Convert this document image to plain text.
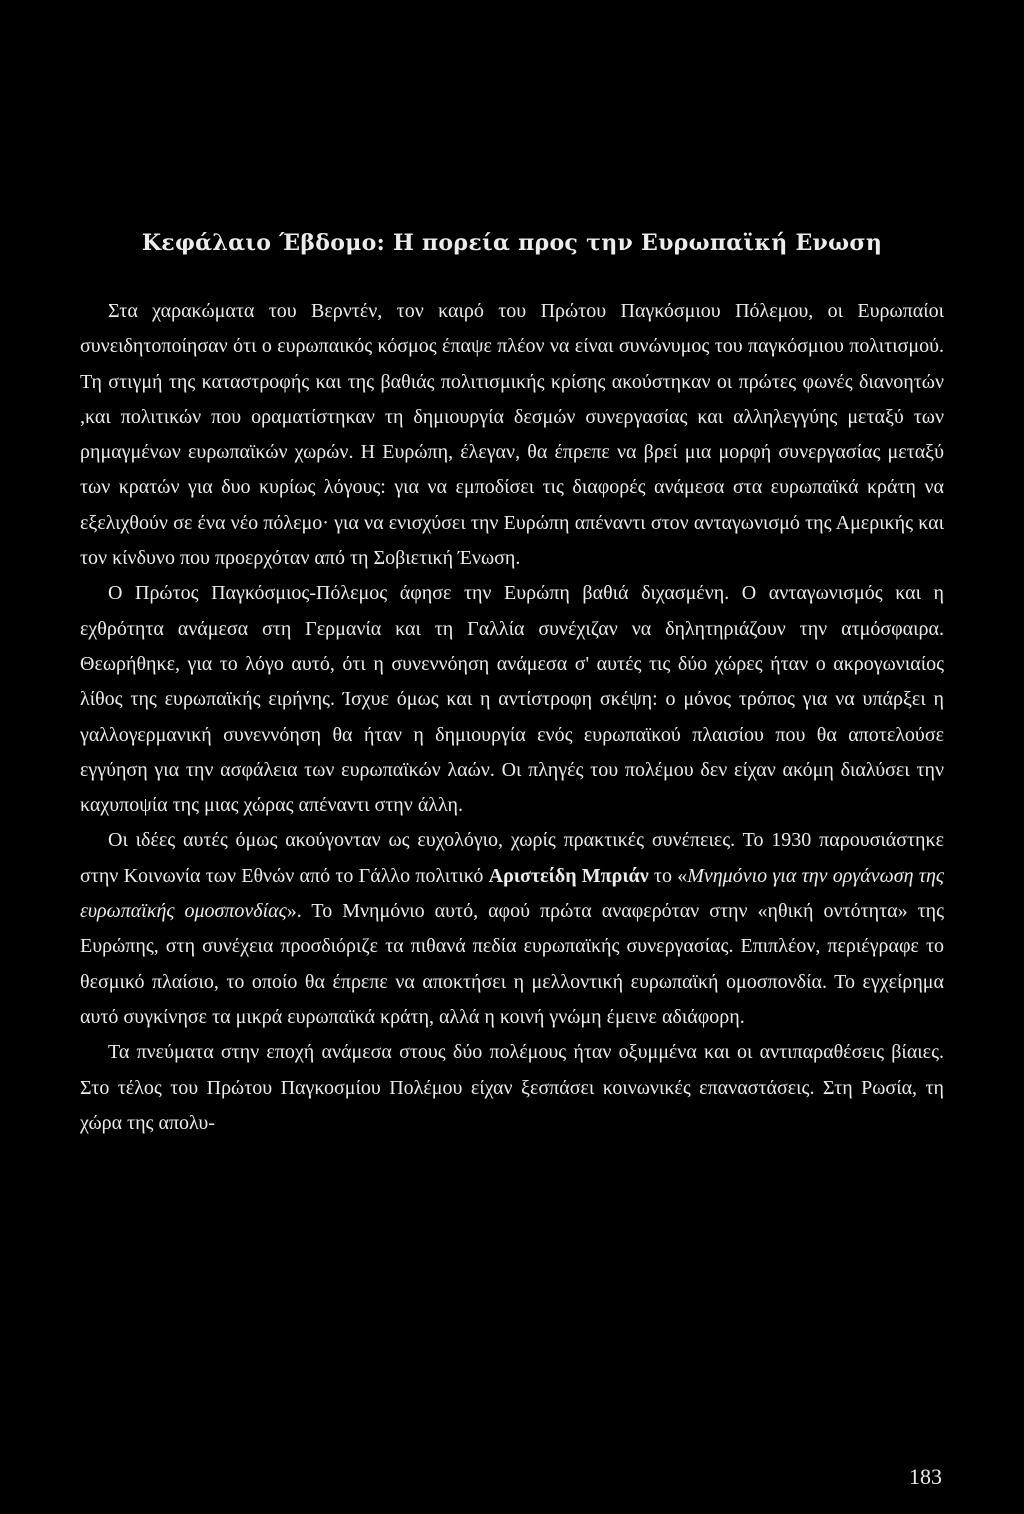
Κεφάλαιο Έβδομο: Η πορεία προς την Ευρωπαϊκή Ενωση

Στα χαρακώματα του Βερντέν, τον καιρό του Πρώτου Παγκόσμιου Πόλεμου, οι Ευρωπαίοι συνειδητοποίησαν ότι ο ευρωπαικός κόσμος έπαψε πλέον να είναι συνώνυμος του παγκόσμιου πολιτισμού. Τη στιγμή της καταστροφής και της βαθιάς πολιτισμικής κρίσης ακούστηκαν οι πρώτες φωνές διανοητών ,και πολιτικών που οραματίστηκαν τη δημιουργία δεσμών συνεργασίας και αλληλεγγύης μεταξύ των ρημαγμένων ευρωπαϊκών χωρών. Η Ευρώπη, έλεγαν, θα έπρεπε να βρεί μια μορφή συνεργασίας μεταξύ των κρατών για δυο κυρίως λόγους: για να εμποδίσει τις διαφορές ανάμεσα στα ευρωπαϊκά κράτη να εξελιχθούν σε ένα νέο πόλεμο· για να ενισχύσει την Ευρώπη απέναντι στον ανταγωνισμό της Αμερικής και τον κίνδυνο που προερχόταν από τη Σοβιετική Ένωση.

Ο Πρώτος Παγκόσμιος-Πόλεμος άφησε την Ευρώπη βαθιά διχασμένη. Ο ανταγωνισμός και η εχθρότητα ανάμεσα στη Γερμανία και τη Γαλλία συνέχιζαν να δηλητηριάζουν την ατμόσφαιρα. Θεωρήθηκε, για το λόγο αυτό, ότι η συνεννόηση ανάμεσα σ' αυτές τις δύο χώρες ήταν ο ακρογωνιαίος λίθος της ευρωπαϊκής ειρήνης. Ίσχυε όμως και η αντίστροφη σκέψη: ο μόνος τρόπος για να υπάρξει η γαλλογερμανική συνεννόηση θα ήταν η δημιουργία ενός ευρωπαϊκού πλαισίου που θα αποτελούσε εγγύηση για την ασφάλεια των ευρωπαϊκών λαών. Οι πληγές του πολέμου δεν είχαν ακόμη διαλύσει την καχυποψία της μιας χώρας απέναντι στην άλλη.

Οι ιδέες αυτές όμως ακούγονταν ως ευχολόγιο, χωρίς πρακτικές συνέπειες. Το 1930 παρουσιάστηκε στην Κοινωνία των Εθνών από το Γάλλο πολιτικό Αριστείδη Μπριάν το «Μνημόνιο για την οργάνωση της ευρωπαϊκής ομοσπονδίας». Το Μνημόνιο αυτό, αφού πρώτα αναφερόταν στην «ηθική οντότητα» της Ευρώπης, στη συνέχεια προσδιόριζε τα πιθανά πεδία ευρωπαϊκής συνεργασίας. Επιπλέον, περιέγραφε το θεσμικό πλαίσιο, το οποίο θα έπρεπε να αποκτήσει η μελλοντική ευρωπαϊκή ομοσπονδία. Το εγχείρημα αυτό συγκίνησε τα μικρά ευρωπαϊκά κράτη, αλλά η κοινή γνώμη έμεινε αδιάφορη.

Τα πνεύματα στην εποχή ανάμεσα στους δύο πολέμους ήταν οξυμμένα και οι αντιπαραθέσεις βίαιες. Στο τέλος του Πρώτου Παγκοσμίου Πολέμου είχαν ξεσπάσει κοινωνικές επαναστάσεις. Στη Ρωσία, τη χώρα της απολυ-

183
